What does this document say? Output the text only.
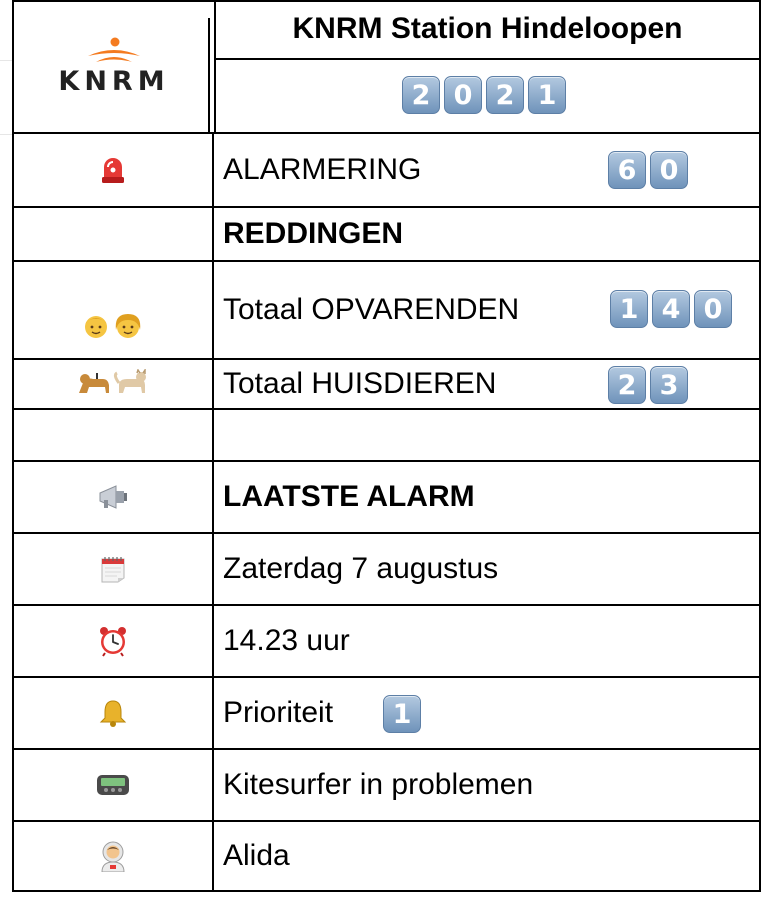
KNRM
KNRM Station Hindeloopen
2 0 2 1
ALARMERING	6 0
REDDINGEN
Totaal OPVARENDEN	1 4 0
Totaal HUISDIEREN	2 3
LAATSTE ALARM
Zaterdag 7 augustus
14.23 uur
Prioriteit	1
Kitesurfer in problemen
Alida
